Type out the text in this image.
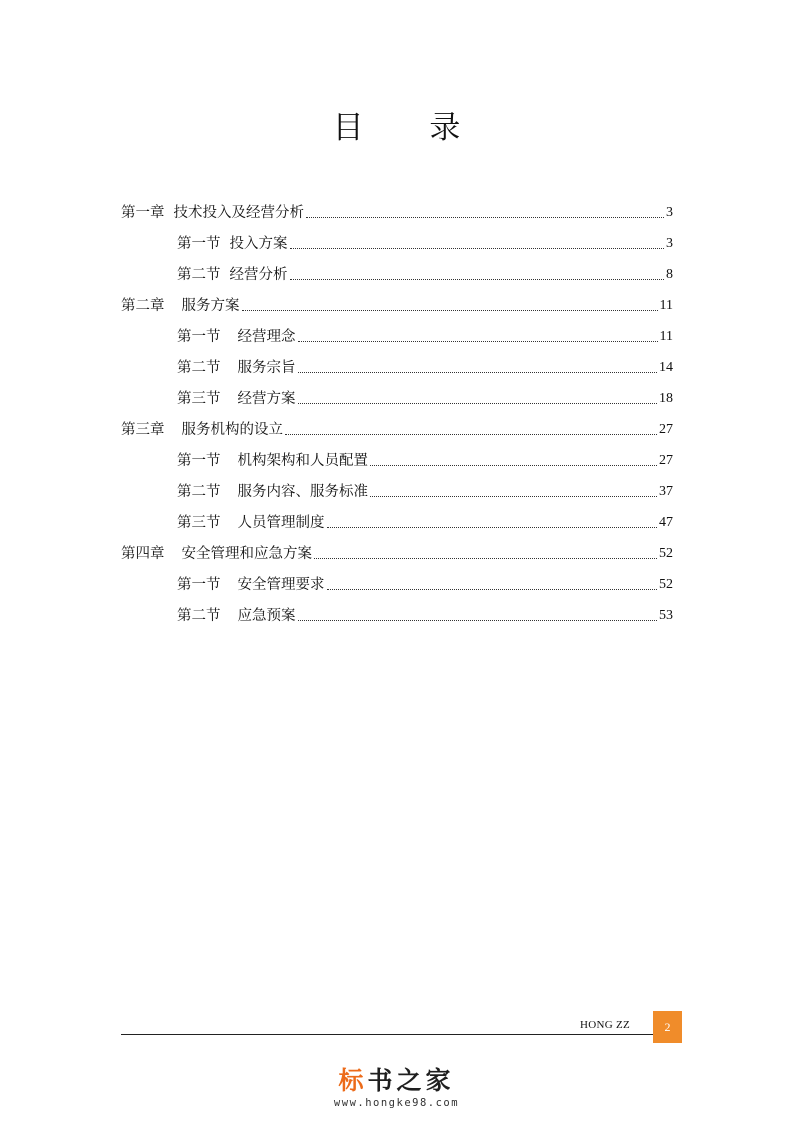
目 录
第一章 技术投入及经营分析	3
第一节 投入方案	3
第二节 经营分析	8
第二章 服务方案	11
第一节 经营理念	11
第二节 服务宗旨	14
第三节 经营方案	18
第三章 服务机构的设立	27
第一节 机构架构和人员配置	27
第二节 服务内容、服务标准	37
第三节 人员管理制度	47
第四章 安全管理和应急方案	52
第一节 安全管理要求	52
第二节 应急预案	53
HONG ZZ	2
标书之家
www.hongke98.com
